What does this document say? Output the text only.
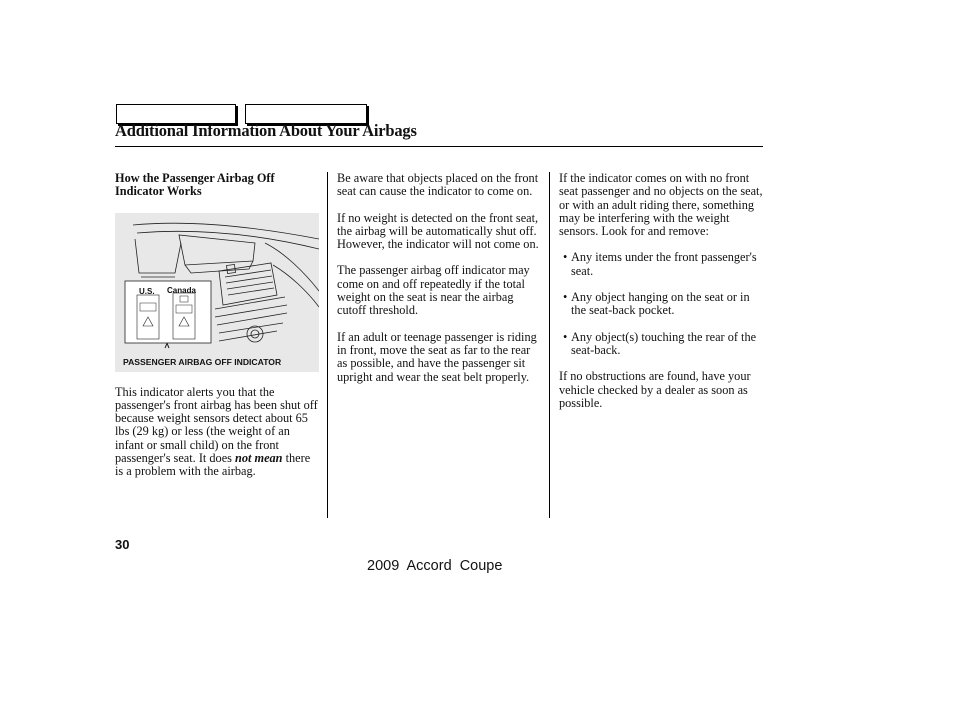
Additional Information About Your Airbags

How the Passenger Airbag Off
Indicator Works

U.S. Canada
PASSENGER AIRBAG OFF INDICATOR

This indicator alerts you that the passenger's front airbag has been shut off because weight sensors detect about 65 lbs (29 kg) or less (the weight of an infant or small child) on the front passenger's seat. It does not mean there is a problem with the airbag.

Be aware that objects placed on the front seat can cause the indicator to come on.

If no weight is detected on the front seat, the airbag will be automatically shut off. However, the indicator will not come on.

The passenger airbag off indicator may come on and off repeatedly if the total weight on the seat is near the airbag cutoff threshold.

If an adult or teenage passenger is riding in front, move the seat as far to the rear as possible, and have the passenger sit upright and wear the seat belt properly.

If the indicator comes on with no front seat passenger and no objects on the seat, or with an adult riding there, something may be interfering with the weight sensors. Look for and remove:

• Any items under the front passenger's seat.
• Any object hanging on the seat or in the seat-back pocket.
• Any object(s) touching the rear of the seat-back.

If no obstructions are found, have your vehicle checked by a dealer as soon as possible.

30
2009  Accord  Coupe
